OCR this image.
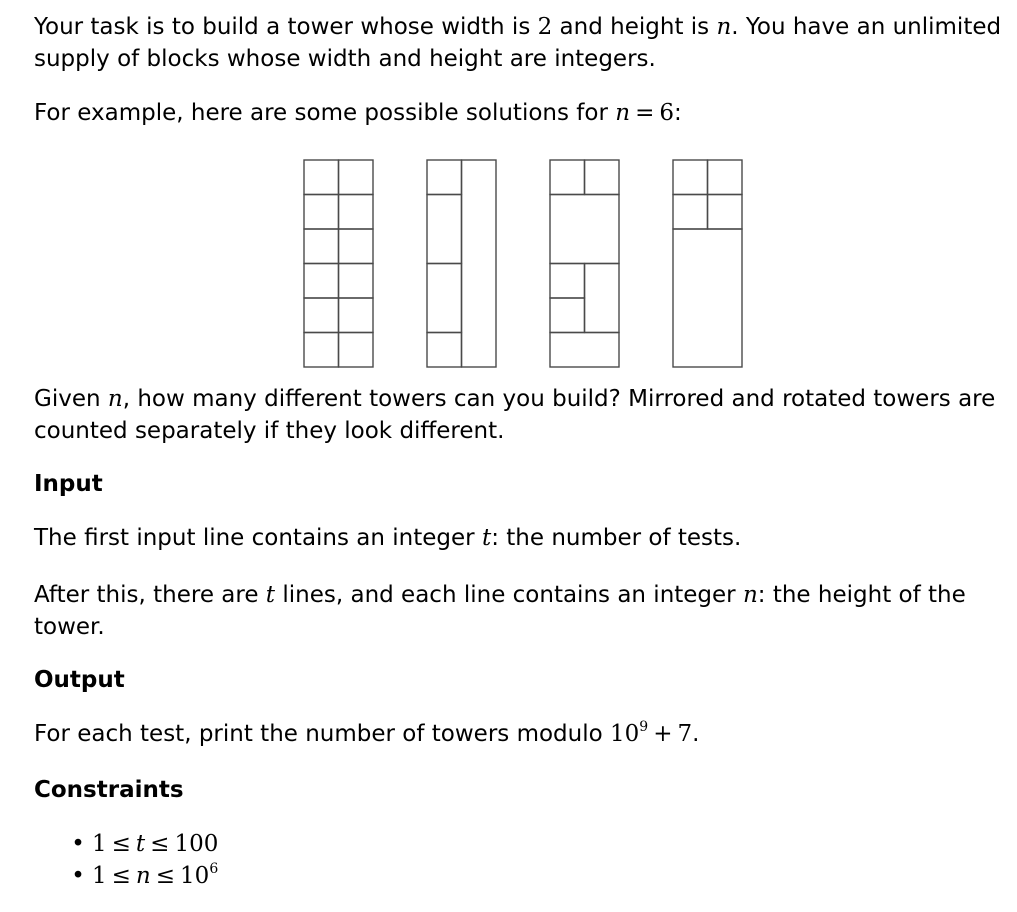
Your task is to build a tower whose width is 2 and height is n. You have an unlimited supply of blocks whose width and height are integers.

For example, here are some possible solutions for n = 6:

Given n, how many different towers can you build? Mirrored and rotated towers are counted separately if they look different.

Input

The first input line contains an integer t: the number of tests.

After this, there are t lines, and each line contains an integer n: the height of the tower.

Output

For each test, print the number of towers modulo $10^9 + 7$.

Constraints
• 1 ≤ t ≤ 100
• $1 \le n \le 10^6$
